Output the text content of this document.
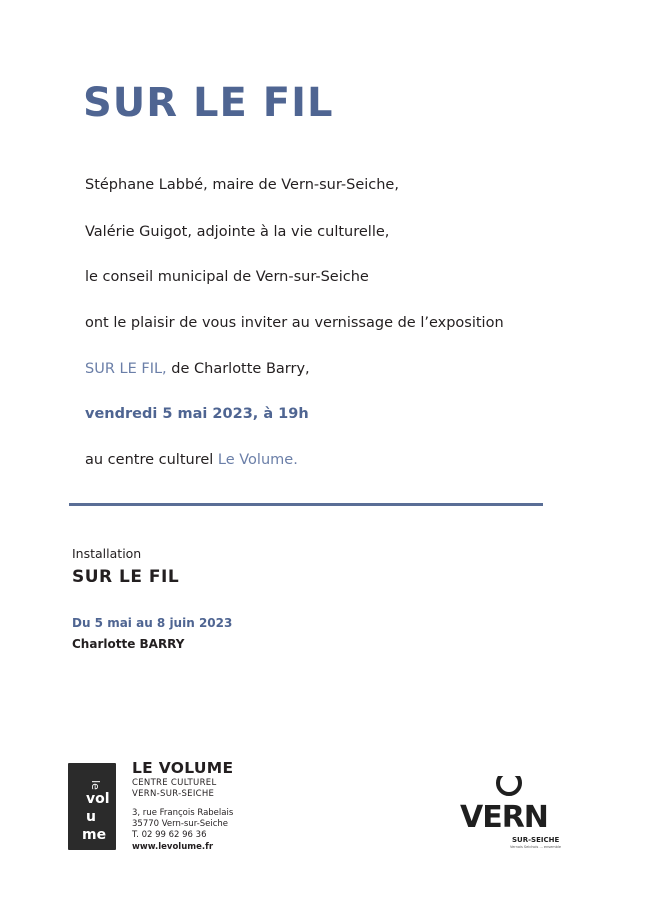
SUR LE FIL
Stéphane Labbé, maire de Vern-sur-Seiche,
Valérie Guigot, adjointe à la vie culturelle,
le conseil municipal de Vern-sur-Seiche
ont le plaisir de vous inviter au vernissage de l’exposition
SUR LE FIL, de Charlotte Barry,
vendredi 5 mai 2023, à 19h
au centre culturel Le Volume.
Installation
SUR LE FIL
Du 5 mai au 8 juin 2023
Charlotte BARRY
le
vol
u
me
LE VOLUME
CENTRE CULTUREL
VERN-SUR-SEICHE
3, rue François Rabelais
35770 Vern-sur-Seiche
T. 02 99 62 96 36
www.levolume.fr
VERN
SUR-SEICHE
Vernois Seichois ... ensemble
